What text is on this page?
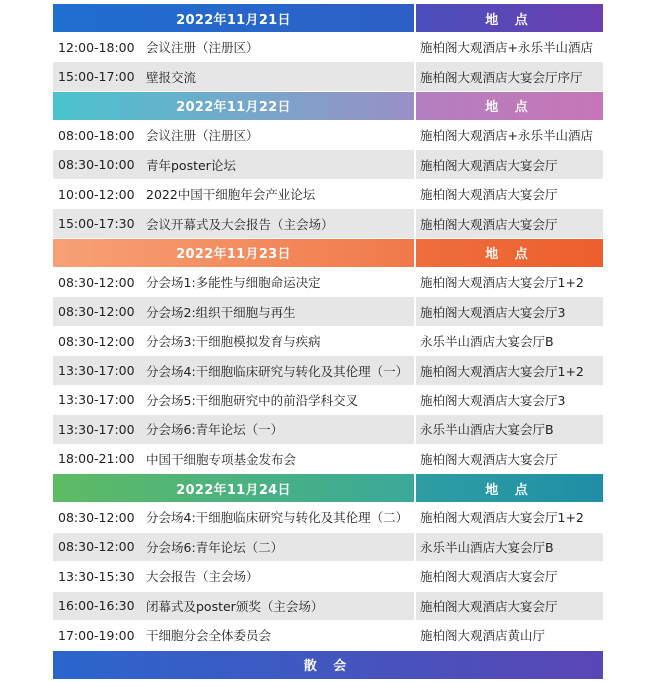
2022年11月21日	地 点
12:00-18:00 会议注册（注册区）	施柏阁大观酒店+永乐半山酒店
15:00-17:00 壁报交流	施柏阁大观酒店大宴会厅序厅
2022年11月22日	地 点
08:00-18:00 会议注册（注册区）	施柏阁大观酒店+永乐半山酒店
08:30-10:00 青年poster论坛	施柏阁大观酒店大宴会厅
10:00-12:00 2022中国干细胞年会产业论坛	施柏阁大观酒店大宴会厅
15:00-17:30 会议开幕式及大会报告（主会场）	施柏阁大观酒店大宴会厅
2022年11月23日	地 点
08:30-12:00 分会场1:多能性与细胞命运决定	施柏阁大观酒店大宴会厅1+2
08:30-12:00 分会场2:组织干细胞与再生	施柏阁大观酒店大宴会厅3
08:30-12:00 分会场3:干细胞模拟发育与疾病	永乐半山酒店大宴会厅B
13:30-17:00 分会场4:干细胞临床研究与转化及其伦理（一） 施柏阁大观酒店大宴会厅1+2
13:30-17:00 分会场5:干细胞研究中的前沿学科交叉	施柏阁大观酒店大宴会厅3
13:30-17:00 分会场6:青年论坛（一）	永乐半山酒店大宴会厅B
18:00-21:00 中国干细胞专项基金发布会	施柏阁大观酒店大宴会厅
2022年11月24日	地 点
08:30-12:00 分会场4:干细胞临床研究与转化及其伦理（二） 施柏阁大观酒店大宴会厅1+2
08:30-12:00 分会场6:青年论坛（二）	永乐半山酒店大宴会厅B
13:30-15:30 大会报告（主会场）	施柏阁大观酒店大宴会厅
16:00-16:30 闭幕式及poster颁奖（主会场）	施柏阁大观酒店大宴会厅
17:00-19:00 干细胞分会全体委员会	施柏阁大观酒店黄山厅
散 会
